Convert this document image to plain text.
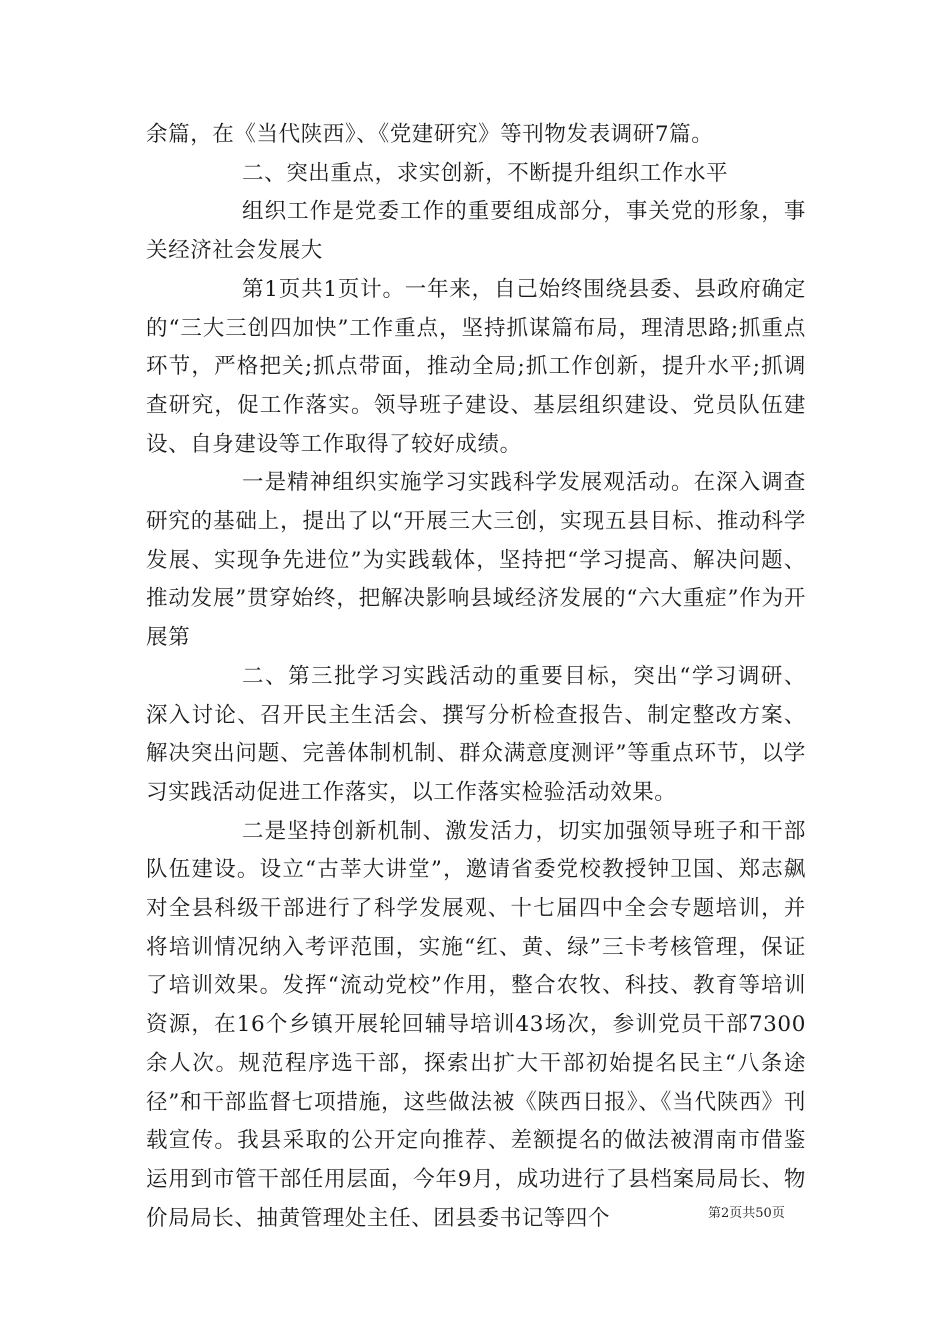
余篇，在《当代陕西》、《党建研究》等刊物发表调研7篇。

二、突出重点，求实创新，不断提升组织工作水平

组织工作是党委工作的重要组成部分，事关党的形象，事关经济社会发展大

第1页共1页计。一年来，自己始终围绕县委、县政府确定的“三大三创四加快”工作重点，坚持抓谋篇布局，理清思路;抓重点环节，严格把关;抓点带面，推动全局;抓工作创新，提升水平;抓调查研究，促工作落实。领导班子建设、基层组织建设、党员队伍建设、自身建设等工作取得了较好成绩。

一是精神组织实施学习实践科学发展观活动。在深入调查研究的基础上，提出了以“开展三大三创，实现五县目标、推动科学发展、实现争先进位”为实践载体，坚持把“学习提高、解决问题、推动发展”贯穿始终，把解决影响县域经济发展的“六大重症”作为开展第

二、第三批学习实践活动的重要目标，突出“学习调研、深入讨论、召开民主生活会、撰写分析检查报告、制定整改方案、解决突出问题、完善体制机制、群众满意度测评”等重点环节，以学习实践活动促进工作落实，以工作落实检验活动效果。

二是坚持创新机制、激发活力，切实加强领导班子和干部队伍建设。设立“古莘大讲堂”，邀请省委党校教授钟卫国、郑志飙对全县科级干部进行了科学发展观、十七届四中全会专题培训，并将培训情况纳入考评范围，实施“红、黄、绿”三卡考核管理，保证了培训效果。发挥“流动党校”作用，整合农牧、科技、教育等培训资源，在16个乡镇开展轮回辅导培训43场次，参训党员干部7300余人次。规范程序选干部，探索出扩大干部初始提名民主“八条途径”和干部监督七项措施，这些做法被《陕西日报》、《当代陕西》刊载宣传。我县采取的公开定向推荐、差额提名的做法被渭南市借鉴运用到市管干部任用层面，今年9月，成功进行了县档案局局长、物价局局长、抽黄管理处主任、团县委书记等四个	第2页共50页
